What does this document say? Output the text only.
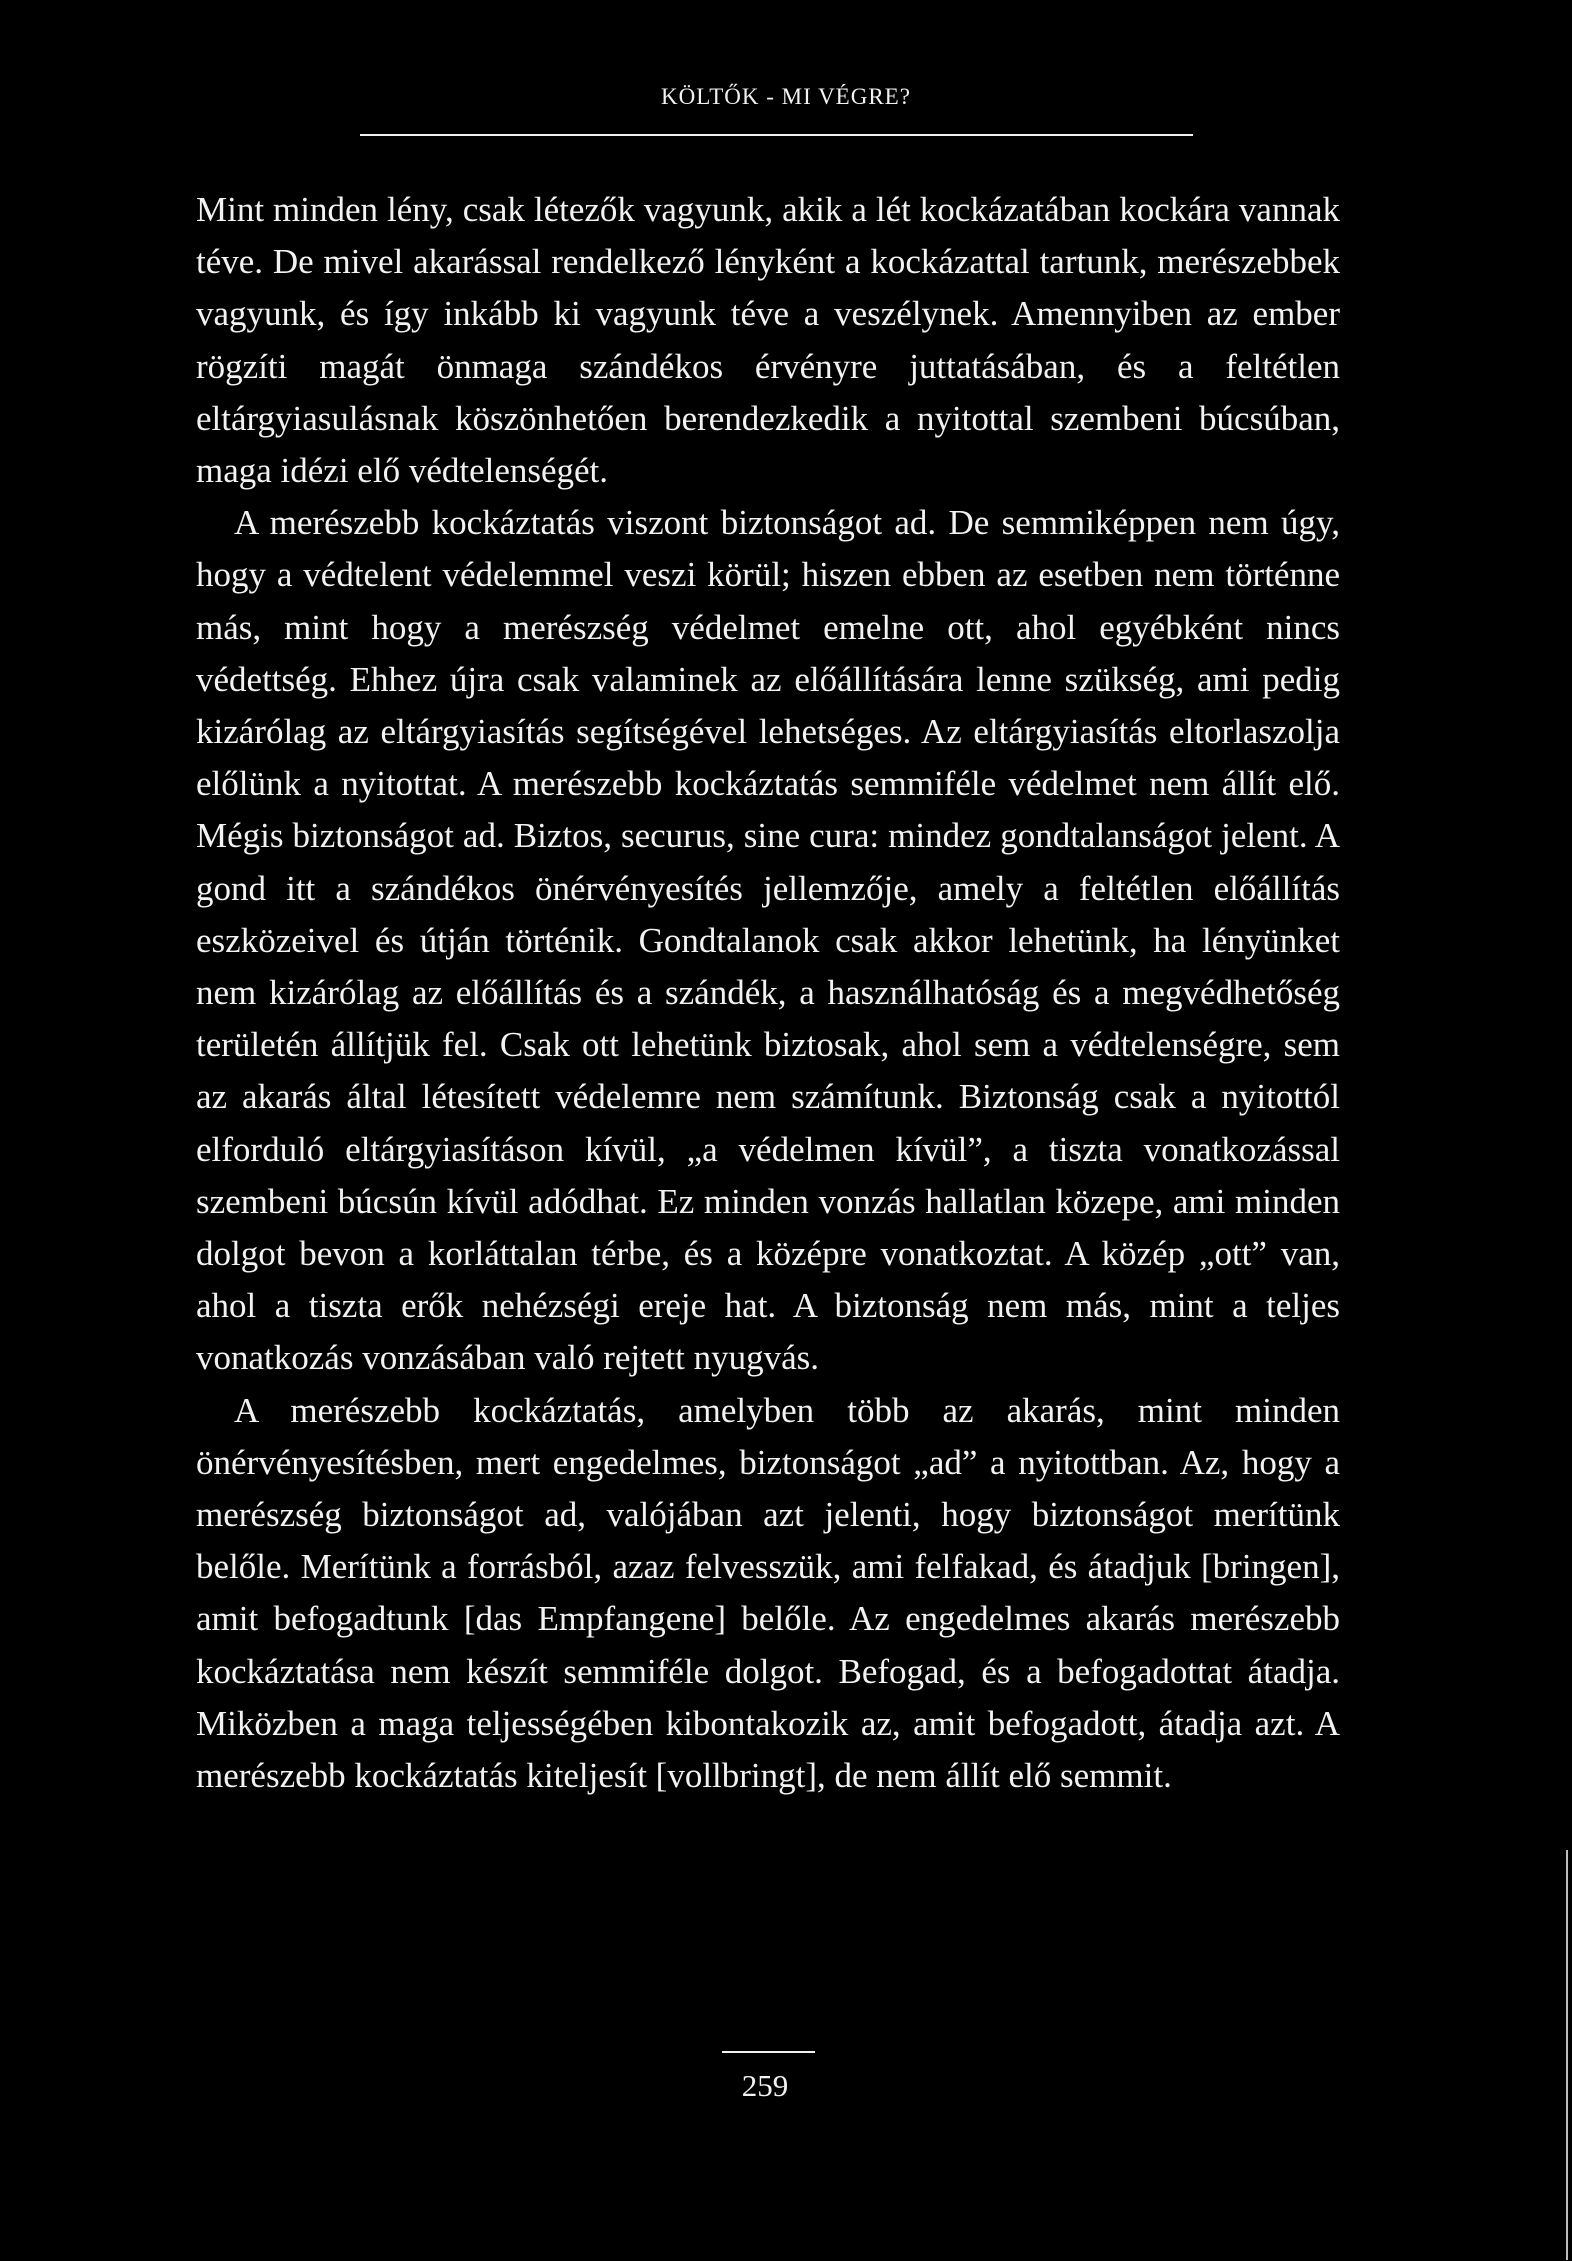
KÖLTŐK - MI VÉGRE?

Mint minden lény, csak létezők vagyunk, akik a lét kockázatában kockára vannak téve. De mivel akarással rendelkező lényként a kockázattal tartunk, merészebbek vagyunk, és így inkább ki vagyunk téve a veszélynek. Amennyiben az ember rögzíti magát önmaga szándékos érvényre juttatásában, és a feltétlen eltárgyiasulásnak köszönhetően berendezkedik a nyitottal szembeni búcsúban, maga idézi elő védtelenségét.

A merészebb kockáztatás viszont biztonságot ad. De semmiképpen nem úgy, hogy a védtelent védelemmel veszi körül; hiszen ebben az esetben nem történne más, mint hogy a merészség védelmet emelne ott, ahol egyébként nincs védettség. Ehhez újra csak valaminek az előállítására lenne szükség, ami pedig kizárólag az eltárgyiasítás segítségével lehetséges. Az eltárgyiasítás eltorlaszolja előlünk a nyitottat. A merészebb kockáztatás semmiféle védelmet nem állít elő. Mégis biztonságot ad. Biztos, securus, sine cura: mindez gondtalanságot jelent. A gond itt a szándékos önérvényesítés jellemzője, amely a feltétlen előállítás eszközeivel és útján történik. Gondtalanok csak akkor lehetünk, ha lényünket nem kizárólag az előállítás és a szándék, a használhatóság és a megvédhetőség területén állítjük fel. Csak ott lehetünk biztosak, ahol sem a védtelenségre, sem az akarás által létesített védelemre nem számítunk. Biztonság csak a nyitottól elforduló eltárgyiasításon kívül, „a védelmen kívül”, a tiszta vonatkozással szembeni búcsún kívül adódhat. Ez minden vonzás hallatlan közepe, ami minden dolgot bevon a korláttalan térbe, és a középre vonatkoztat. A közép „ott” van, ahol a tiszta erők nehézségi ereje hat. A biztonság nem más, mint a teljes vonatkozás vonzásában való rejtett nyugvás.

A merészebb kockáztatás, amelyben több az akarás, mint minden önérvényesítésben, mert engedelmes, biztonságot „ad” a nyitottban. Az, hogy a merészség biztonságot ad, valójában azt jelenti, hogy biztonságot merítünk belőle. Merítünk a forrásból, azaz felvesszük, ami felfakad, és átadjuk [bringen], amit befogadtunk [das Empfangene] belőle. Az engedelmes akarás merészebb kockáztatása nem készít semmiféle dolgot. Befogad, és a befogadottat átadja. Miközben a maga teljességében kibontakozik az, amit befogadott, átadja azt. A merészebb kockáztatás kiteljesít [vollbringt], de nem állít elő semmit.

259
